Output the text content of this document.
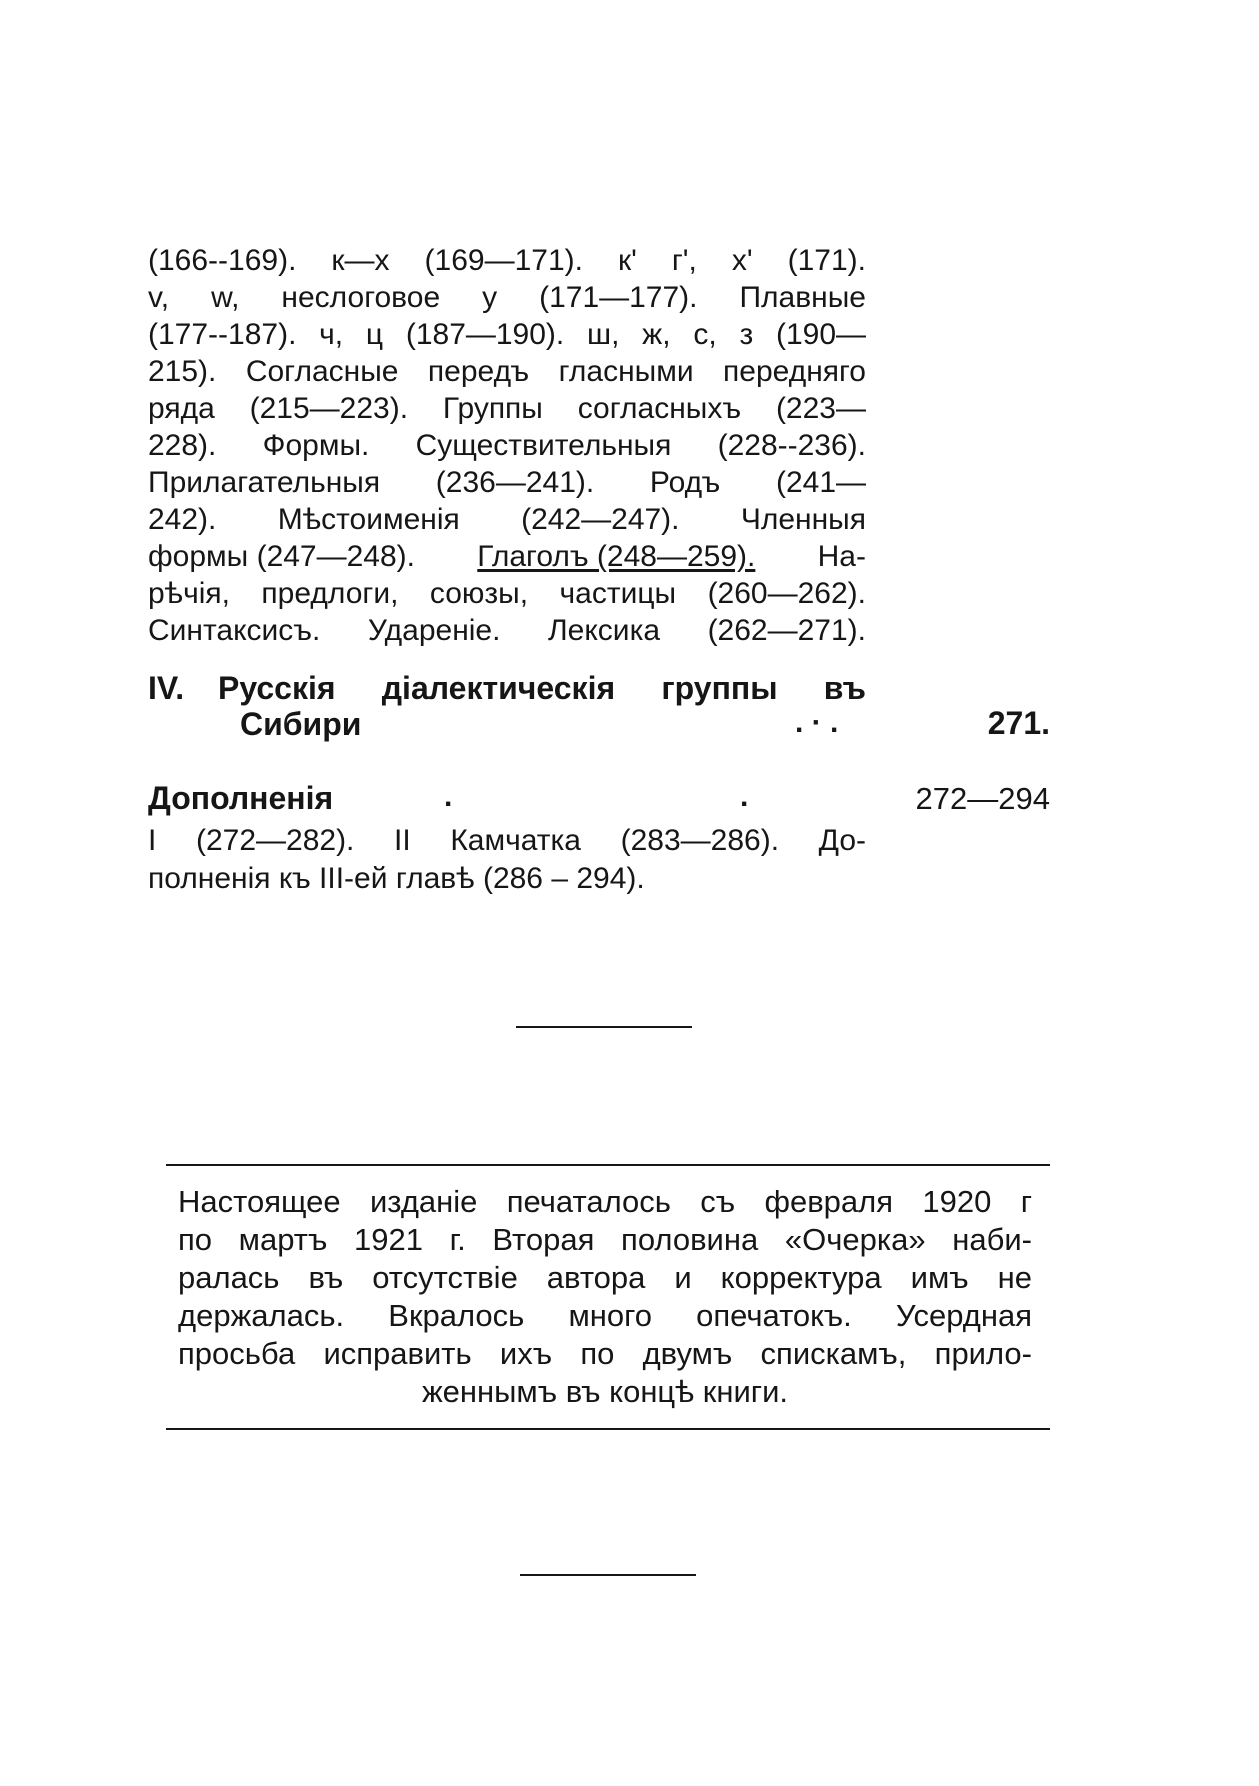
(166--169). к—х (169—171). к' г', х' (171).
v, w, неслоговое у (171—177). Плавные
(177--187). ч, ц (187—190). ш, ж, с, з (190—
215). Согласные передъ гласными передняго
ряда (215—223). Группы согласныхъ (223—
228). Формы. Существительныя (228--236).
Прилагательныя (236—241). Родъ (241—
242). Мѣстоименія (242—247). Членныя
формы (247—248). Глаголъ (248—259). На-
рѣчія, предлоги, союзы, частицы (260—262).
Синтаксисъ. Удареніе. Лексика (262—271).
IV. Русскія діалектическія группы въ
Сибири	. · .	271.
Дополненія	.	.	272—294
I (272—282). II Камчатка (283—286). До-
полненія къ III-ей главѣ (286 – 294).
Настоящее изданіе печаталось съ февраля 1920 г
по мартъ 1921 г. Вторая половина «Очерка» наби-
ралась въ отсутствіе автора и корректура имъ не
держалась. Вкралось много опечатокъ. Усердная
просьба исправить ихъ по двумъ спискамъ, прило-
женнымъ въ концѣ книги.
